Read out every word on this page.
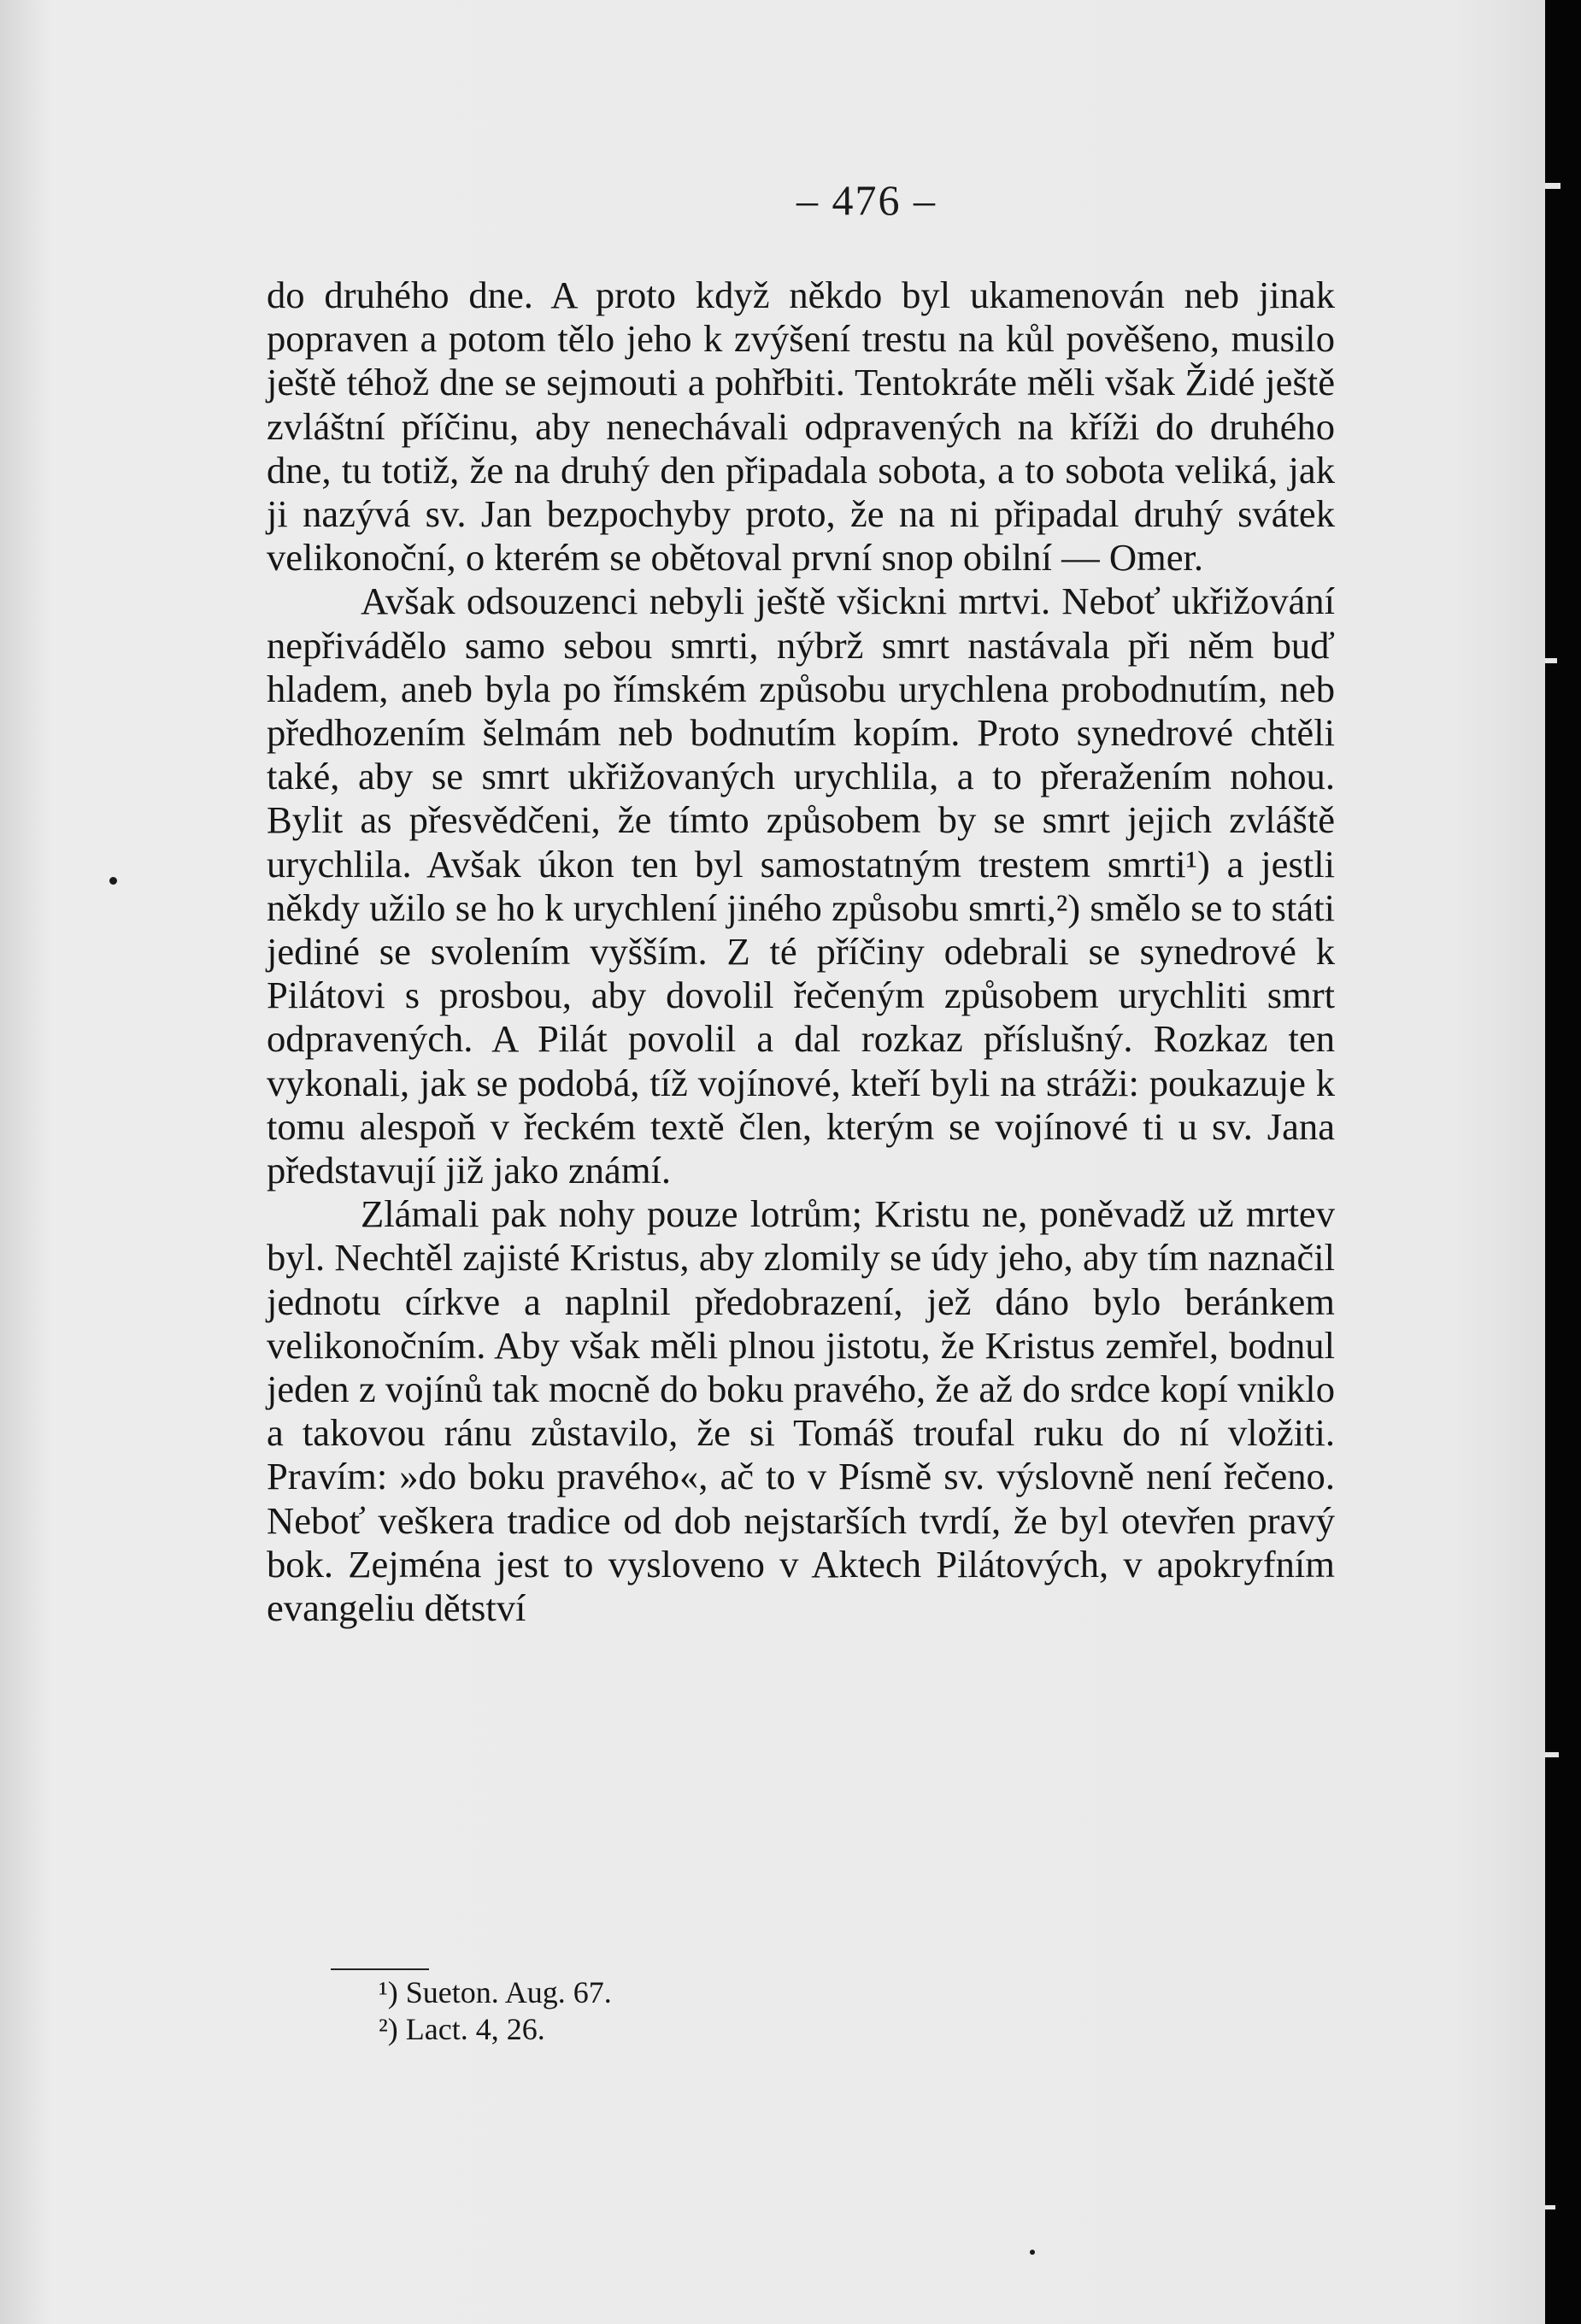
– 476 –

do druhého dne. A proto když někdo byl ukamenován neb jinak popraven a potom tělo jeho k zvýšení trestu na kůl pověšeno, musilo ještě téhož dne se sejmouti a pohřbiti. Tentokráte měli však Židé ještě zvláštní příčinu, aby nenechávali odpravených na kříži do druhého dne, tu totiž, že na druhý den připadala sobota, a to sobota veliká, jak ji nazývá sv. Jan bezpochyby proto, že na ni připadal druhý svátek velikonoční, o kterém se obětoval první snop obilní — Omer.

Avšak odsouzenci nebyli ještě všickni mrtvi. Neboť ukřižování nepřivádělo samo sebou smrti, nýbrž smrt nastávala při něm buď hladem, aneb byla po římském způsobu urychlena probodnutím, neb předhozením šelmám neb bodnutím kopím. Proto synedrové chtěli také, aby se smrt ukřižovaných urychlila, a to přeražením nohou. Bylit as přesvědčeni, že tímto způsobem by se smrt jejich zvláště urychlila. Avšak úkon ten byl samostatným trestem smrti¹) a jestli někdy užilo se ho k urychlení jiného způsobu smrti,²) smělo se to státi jediné se svolením vyšším. Z té příčiny odebrali se synedrové k Pilátovi s prosbou, aby dovolil řečeným způsobem urychliti smrt odpravených. A Pilát povolil a dal rozkaz příslušný. Rozkaz ten vykonali, jak se podobá, tíž vojínové, kteří byli na stráži: poukazuje k tomu alespoň v řeckém textě člen, kterým se vojínové ti u sv. Jana představují již jako známí.

Zlámali pak nohy pouze lotrům; Kristu ne, poněvadž už mrtev byl. Nechtěl zajisté Kristus, aby zlomily se údy jeho, aby tím naznačil jednotu církve a naplnil předobrazení, jež dáno bylo beránkem velikonočním. Aby však měli plnou jistotu, že Kristus zemřel, bodnul jeden z vojínů tak mocně do boku pravého, že až do srdce kopí vniklo a takovou ránu zůstavilo, že si Tomáš troufal ruku do ní vložiti. Pravím: »do boku pravého«, ač to v Písmě sv. výslovně není řečeno. Neboť veškera tradice od dob nejstarších tvrdí, že byl otevřen pravý bok. Zejména jest to vysloveno v Aktech Pilátových, v apokryfním evangeliu dětství

¹) Sueton. Aug. 67.
²) Lact. 4, 26.
